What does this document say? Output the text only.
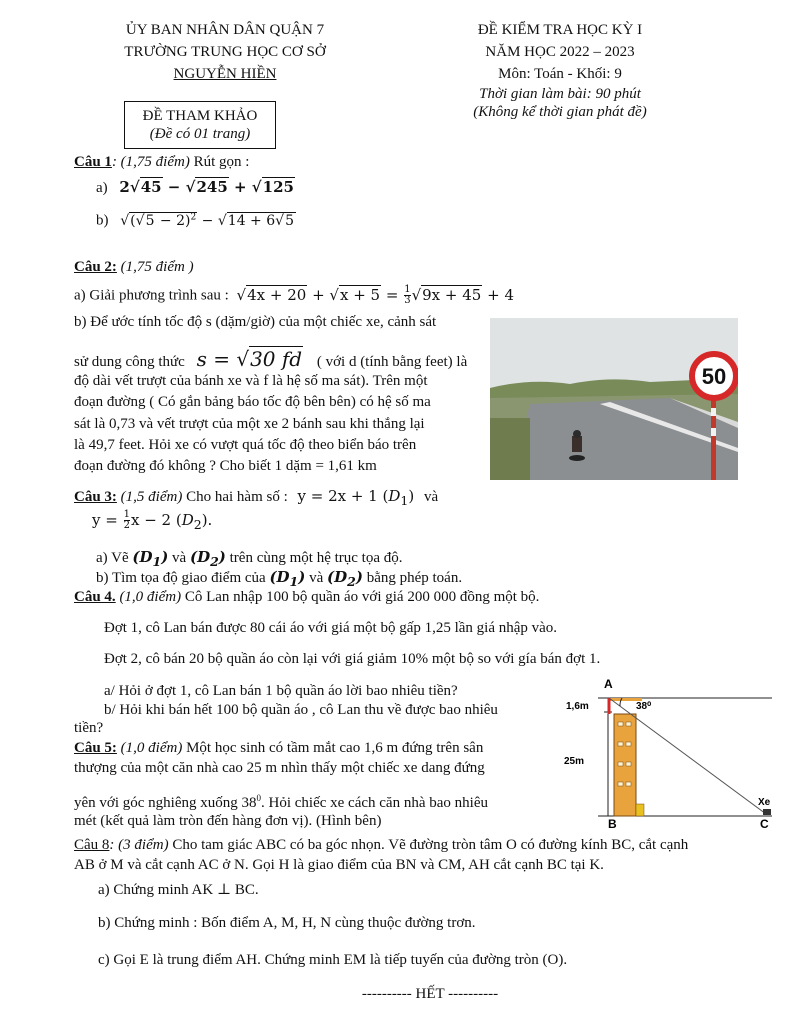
ỦY BAN NHÂN DÂN QUẬN 7
TRƯỜNG TRUNG HỌC CƠ SỞ
NGUYỄN HIỀN
ĐỀ KIỂM TRA HỌC KỲ I
NĂM HỌC 2022 – 2023
Môn: Toán - Khối: 9
Thời gian làm bài: 90 phút
(Không kể thời gian phát đề)
ĐỀ THAM KHẢO
(Đề có 01 trang)
Câu 1: (1,75 điểm) Rút gọn :
a) 2√45 − √245 + √125
b) $√(√5 - 2)^2 - √14 + 6√5$
Câu 2: (1,75 điểm )
a) Giải phương trình sau : $√4x + 20 + √x + 5 = \frac{1}{3} √9x + 45 + 4$
b) Để ước tính tốc độ s (dặm/giờ) của một chiếc xe, cảnh sát
sử dung công thức s = √30 fd ( với d (tính bằng feet) là
độ dài vết trượt của bánh xe và f là hệ số ma sát). Trên một
đoạn đường ( Có gắn bảng báo tốc độ bên bên) có hệ số ma
sát là 0,73 và vết trượt của một xe 2 bánh sau khi thắng lại
là 49,7 feet. Hỏi xe có vượt quá tốc độ theo biển báo trên
đoạn đường đó không ? Cho biết 1 dặm = 1,61 km
50
Câu 3: (1,5 điểm) Cho hai hàm số : y = 2x + 1 $(D_1)$ và
$y = \frac{1}{2}$ x − 2 $(D_2)$.
a) Vẽ $(D_1)$ và $(D_2)$ trên cùng một hệ trục tọa độ.
b) Tìm tọa độ giao điểm của $(D_1)$ và $(D_2)$ bằng phép toán.
Câu 4. (1,0 điểm) Cô Lan nhập 100 bộ quần áo với giá 200 000 đồng một bộ.
Đợt 1, cô Lan bán được 80 cái áo với giá một bộ gấp 1,25 lần giá nhập vào.
Đợt 2, cô bán 20 bộ quần áo còn lại với giá giảm 10% một bộ so với gía bán đợt 1.
a/ Hỏi ở đợt 1, cô Lan bán 1 bộ quần áo lời bao nhiêu tiền?
b/ Hỏi khi bán hết 100 bộ quần áo , cô Lan thu về được bao nhiêu
tiền?
Câu 5: (1,0 điểm) Một học sinh có tầm mắt cao 1,6 m đứng trên sân
thượng của một căn nhà cao 25 m nhìn thấy một chiếc xe dang đứng
yên với góc nghiêng xuống $38^0$. Hỏi chiếc xe cách căn nhà bao nhiêu
mét (kết quả làm tròn đến hàng đơn vị). (Hình bên)
A
1,6m	38⁰
25m
B
Xe
C
Câu 8: (3 điểm) Cho tam giác ABC có ba góc nhọn. Vẽ đường tròn tâm O có đường kính BC, cắt cạnh
AB ở M và cắt cạnh AC ở N. Gọi H là giao điểm của BN và CM, AH cắt cạnh BC tại K.
a) Chứng minh AK ⊥ BC.
b) Chứng minh : Bốn điểm A, M, H, N cùng thuộc đường trơn.
c) Gọi E là trung điểm AH. Chứng minh EM là tiếp tuyến của đường tròn (O).
---------- HẾT ----------
